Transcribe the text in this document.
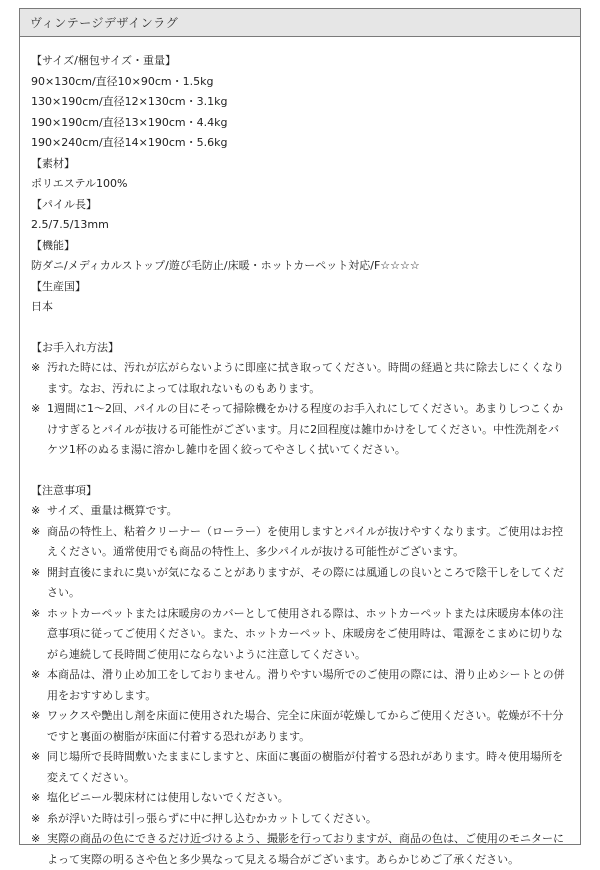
ヴィンテージデザインラグ
【サイズ/梱包サイズ・重量】
90×130cm/直径10×90cm・1.5kg
130×190cm/直径12×130cm・3.1kg
190×190cm/直径13×190cm・4.4kg
190×240cm/直径14×190cm・5.6kg
【素材】
ポリエステル100%
【パイル長】
2.5/7.5/13mm
【機能】
防ダニ/メディカルストップ/遊び毛防止/床暖・ホットカーペット対応/F☆☆☆☆
【生産国】
日本
【お手入れ方法】
※ 汚れた時には、汚れが広がらないように即座に拭き取ってください。時間の経過と共に除去しにくくなります。なお、汚れによっては取れないものもあります。
※ 1週間に1～2回、パイルの目にそって掃除機をかける程度のお手入れにしてください。あまりしつこくかけすぎるとパイルが抜ける可能性がございます。月に2回程度は雑巾かけをしてください。中性洗剤をバケツ1杯のぬるま湯に溶かし雑巾を固く絞ってやさしく拭いてください。
【注意事項】
※ サイズ、重量は概算です。
※ 商品の特性上、粘着クリーナー（ローラー）を使用しますとパイルが抜けやすくなります。ご使用はお控えください。通常使用でも商品の特性上、多少パイルが抜ける可能性がございます。
※ 開封直後にまれに臭いが気になることがありますが、その際には風通しの良いところで陰干しをしてください。
※ ホットカーペットまたは床暖房のカバーとして使用される際は、ホットカーペットまたは床暖房本体の注意事項に従ってご使用ください。また、ホットカーペット、床暖房をご使用時は、電源をこまめに切りながら連続して長時間ご使用にならないように注意してください。
※ 本商品は、滑り止め加工をしておりません。滑りやすい場所でのご使用の際には、滑り止めシートとの併用をおすすめします。
※ ワックスや艶出し剤を床面に使用された場合、完全に床面が乾燥してからご使用ください。乾燥が不十分ですと裏面の樹脂が床面に付着する恐れがあります。
※ 同じ場所で長時間敷いたままにしますと、床面に裏面の樹脂が付着する恐れがあります。時々使用場所を変えてください。
※ 塩化ビニール製床材には使用しないでください。
※ 糸が浮いた時は引っ張らずに中に押し込むかカットしてください。
※ 実際の商品の色にできるだけ近づけるよう、撮影を行っておりますが、商品の色は、ご使用のモニターによって実際の明るさや色と多少異なって見える場合がございます。あらかじめご了承ください。
